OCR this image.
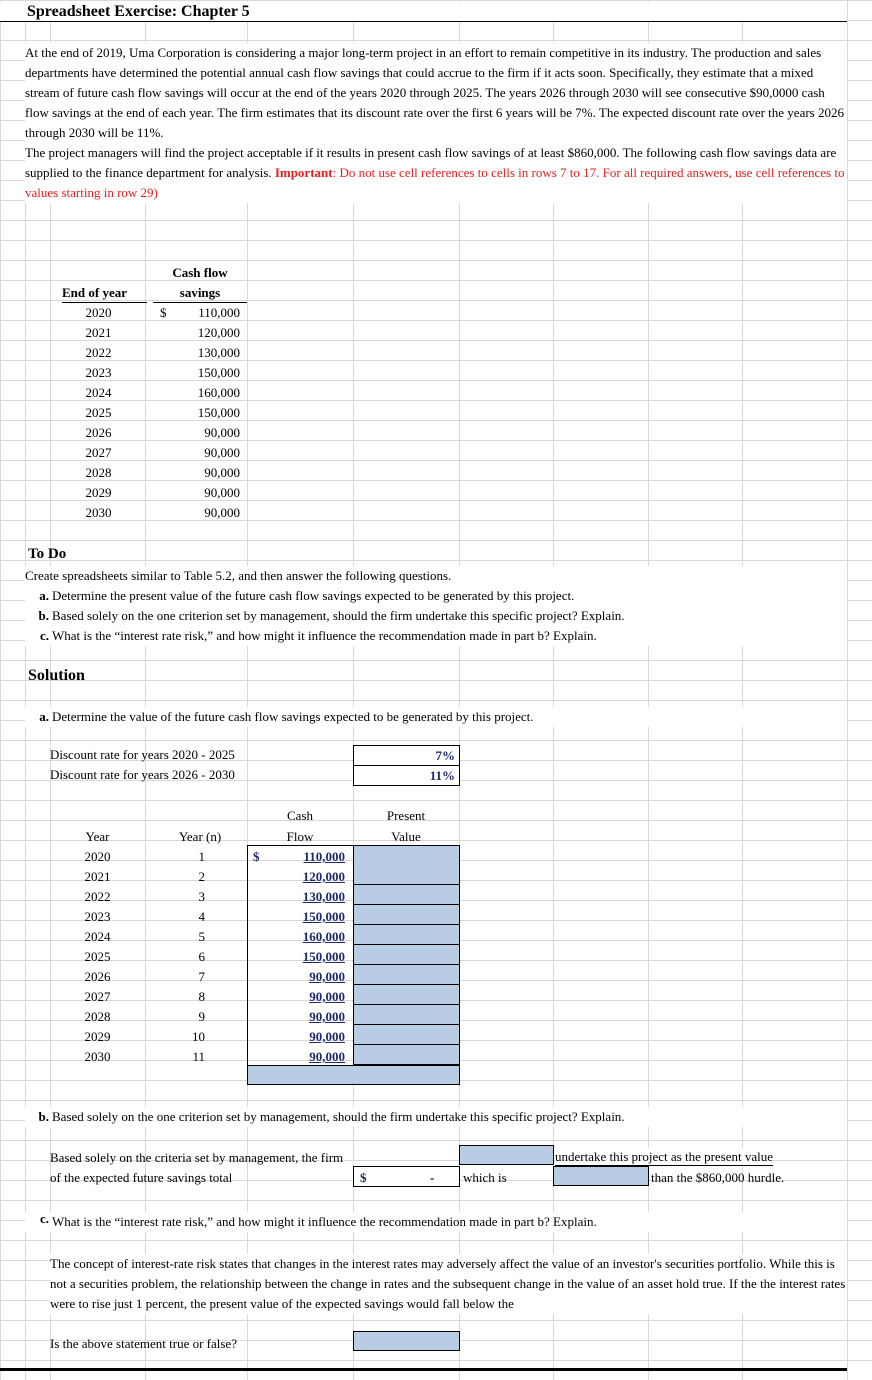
Spreadsheet Exercise: Chapter 5
At the end of 2019, Uma Corporation is considering a major long-term project in an effort to remain competitive in its industry. The production and sales departments have determined the potential annual cash flow savings that could accrue to the firm if it acts soon. Specifically, they estimate that a mixed stream of future cash flow savings will occur at the end of the years 2020 through 2025. The years 2026 through 2030 will see consecutive $90,0000 cash flow savings at the end of each year. The firm estimates that its discount rate over the first 6 years will be 7%. The expected discount rate over the years 2026 through 2030 will be 11%.
The project managers will find the project acceptable if it results in present cash flow savings of at least $860,000. The following cash flow savings data are supplied to the finance department for analysis. Important: Do not use cell references to cells in rows 7 to 17. For all required answers, use cell references to values starting in row 29)
Cash flow
End of year	savings
$
2020	110,000
2021	120,000
2022	130,000
2023	150,000
2024	160,000
2025	150,000
2026	90,000
2027	90,000
2028	90,000
2029	90,000
2030	90,000
To Do
Create spreadsheets similar to Table 5.2, and then answer the following questions.
a. Determine the present value of the future cash flow savings expected to be generated by this project.
b. Based solely on the one criterion set by management, should the firm undertake this specific project? Explain.
c. What is the “interest rate risk,” and how might it influence the recommendation made in part b? Explain.
Solution
a. Determine the value of the future cash flow savings expected to be generated by this project.
Discount rate for years 2020 - 2025
Discount rate for years 2026 - 2030
7%
11%
Cash	Present
Year	Year (n)	Flow	Value
$
2020	1	110,000
2021	2	120,000
2022	3	130,000
2023	4	150,000
2024	5	160,000
2025	6	150,000
2026	7	90,000
2027	8	90,000
2028	9	90,000
2029	10	90,000
2030	11	90,000
b. Based solely on the one criterion set by management, should the firm undertake this specific project? Explain.
Based solely on the criteria set by management, the firm	undertake this project as the present value
of the expected future savings total	$	- which is	than the $860,000 hurdle.
c. What is the “interest rate risk,” and how might it influence the recommendation made in part b? Explain.
The concept of interest-rate risk states that changes in the interest rates may adversely affect the value of an investor's securities portfolio. While this is not a securities problem, the relationship between the change in rates and the subsequent change in the value of an asset hold true. If the the interest rates were to rise just 1 percent, the present value of the expected savings would fall below the
Is the above statement true or false?
